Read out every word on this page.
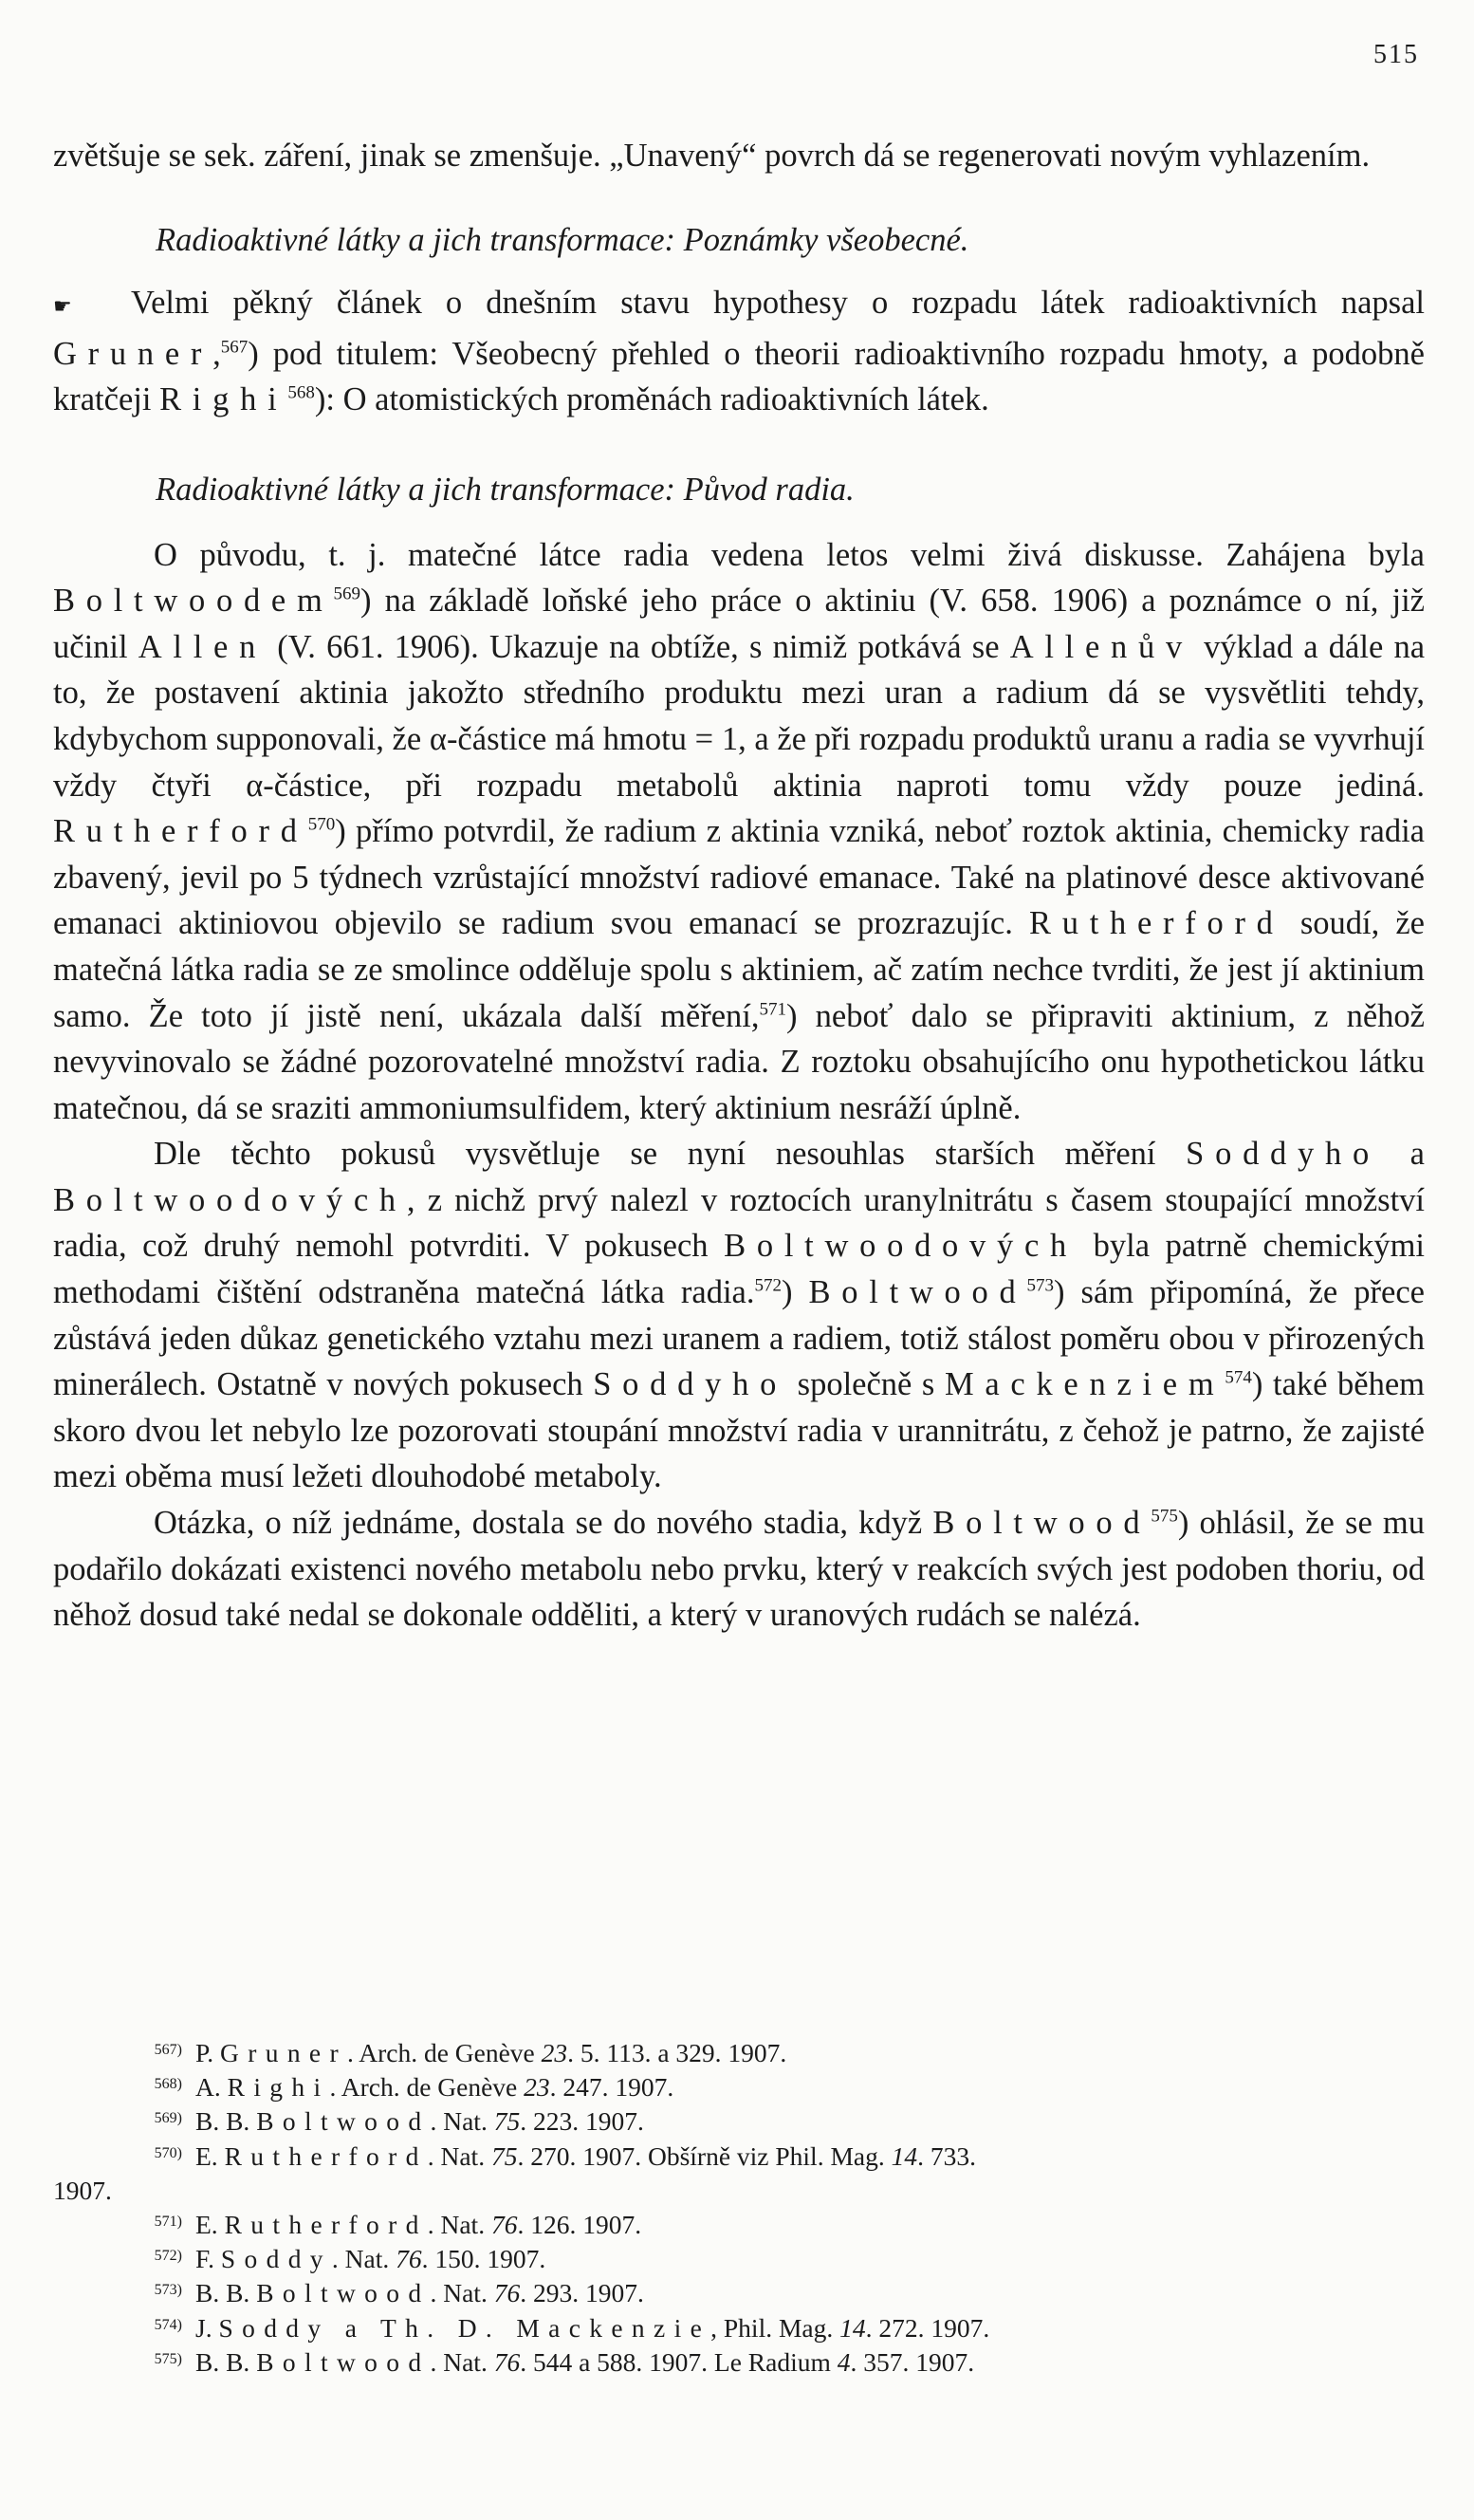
515

zvětšuje se sek. záření, jinak se zmenšuje. „Unavený“ povrch dá se regenerovati novým vyhlazením.

Radioaktivné látky a jich transformace: Poznámky všeobecné.

☛ Velmi pěkný článek o dnešním stavu hypothesy o rozpadu látek radioaktivních napsal Gruner,$^{567}$) pod titulem: Všeobecný přehled o theorii radioaktivního rozpadu hmoty, a podobně kratčeji Righi$^{568}$): O atomistických proměnách radioaktivních látek.

Radioaktivné látky a jich transformace: Původ radia.

O původu, t. j. matečné látce radia vedena letos velmi živá diskusse. Zahájena byla Boltwoodem$^{569}$) na základě loňské jeho práce o aktiniu (V. 658. 1906) a poznámce o ní, již učinil Allen (V. 661. 1906). Ukazuje na obtíže, s nimiž potkává se Allenův výklad a dále na to, že postavení aktinia jakožto středního produktu mezi uran a radium dá se vysvětliti tehdy, kdybychom supponovali, že α-částice má hmotu = 1, a že při rozpadu produktů uranu a radia se vyvrhují vždy čtyři α-částice, při rozpadu metabolů aktinia naproti tomu vždy pouze jediná. Rutherford$^{570}$) přímo potvrdil, že radium z aktinia vzniká, neboť roztok aktinia, chemicky radia zbavený, jevil po 5 týdnech vzrůstající množství radiové emanace. Také na platinové desce aktivované emanaci aktiniovou objevilo se radium svou emanací se prozrazujíc. Rutherford soudí, že matečná látka radia se ze smolince odděluje spolu s aktiniem, ač zatím nechce tvrditi, že jest jí aktinium samo. Že toto jí jistě není, ukázala další měření,$^{571}$) neboť dalo se připraviti aktinium, z něhož nevyvinovalo se žádné pozorovatelné množství radia. Z roztoku obsahujícího onu hypothetickou látku matečnou, dá se sraziti ammoniumsulfidem, který aktinium nesráží úplně.

Dle těchto pokusů vysvětluje se nyní nesouhlas starších měření Soddyho a Boltwoodových, z nichž prvý nalezl v roztocích uranylnitrátu s časem stoupající množství radia, což druhý nemohl potvrditi. V pokusech Boltwoodových byla patrně chemickými methodami čištění odstraněna matečná látka radia.$^{572}$) Boltwood$^{573}$) sám připomíná, že přece zůstává jeden důkaz genetického vztahu mezi uranem a radiem, totiž stálost poměru obou v přirozených minerálech. Ostatně v nových pokusech Soddyho společně s Mackenziem$^{574}$) také během skoro dvou let nebylo lze pozorovati stoupání množství radia v urannitrátu, z čehož je patrno, že zajisté mezi oběma musí ležeti dlouhodobé metaboly.

Otázka, o níž jednáme, dostala se do nového stadia, když Boltwood$^{575}$) ohlásil, že se mu podařilo dokázati existenci nového metabolu nebo prvku, který v reakcích svých jest podoben thoriu, od něhož dosud také nedal se dokonale odděliti, a který v uranových rudách se nalézá.

567) P. Gruner. Arch. de Genève 23. 5. 113. a 329. 1907.
568) A. Righi. Arch. de Genève 23. 247. 1907.
569) B. B. Boltwood. Nat. 75. 223. 1907.
570) E. Rutherford. Nat. 75. 270. 1907. Obšírně viz Phil. Mag. 14. 733.
1907.
571) E. Rutherford. Nat. 76. 126. 1907.
572) F. Soddy. Nat. 76. 150. 1907.
573) B. B. Boltwood. Nat. 76. 293. 1907.
574) J. Soddy a Th. D. Mackenzie, Phil. Mag. 14. 272. 1907.
575) B. B. Boltwood. Nat. 76. 544 a 588. 1907. Le Radium 4. 357. 1907.
